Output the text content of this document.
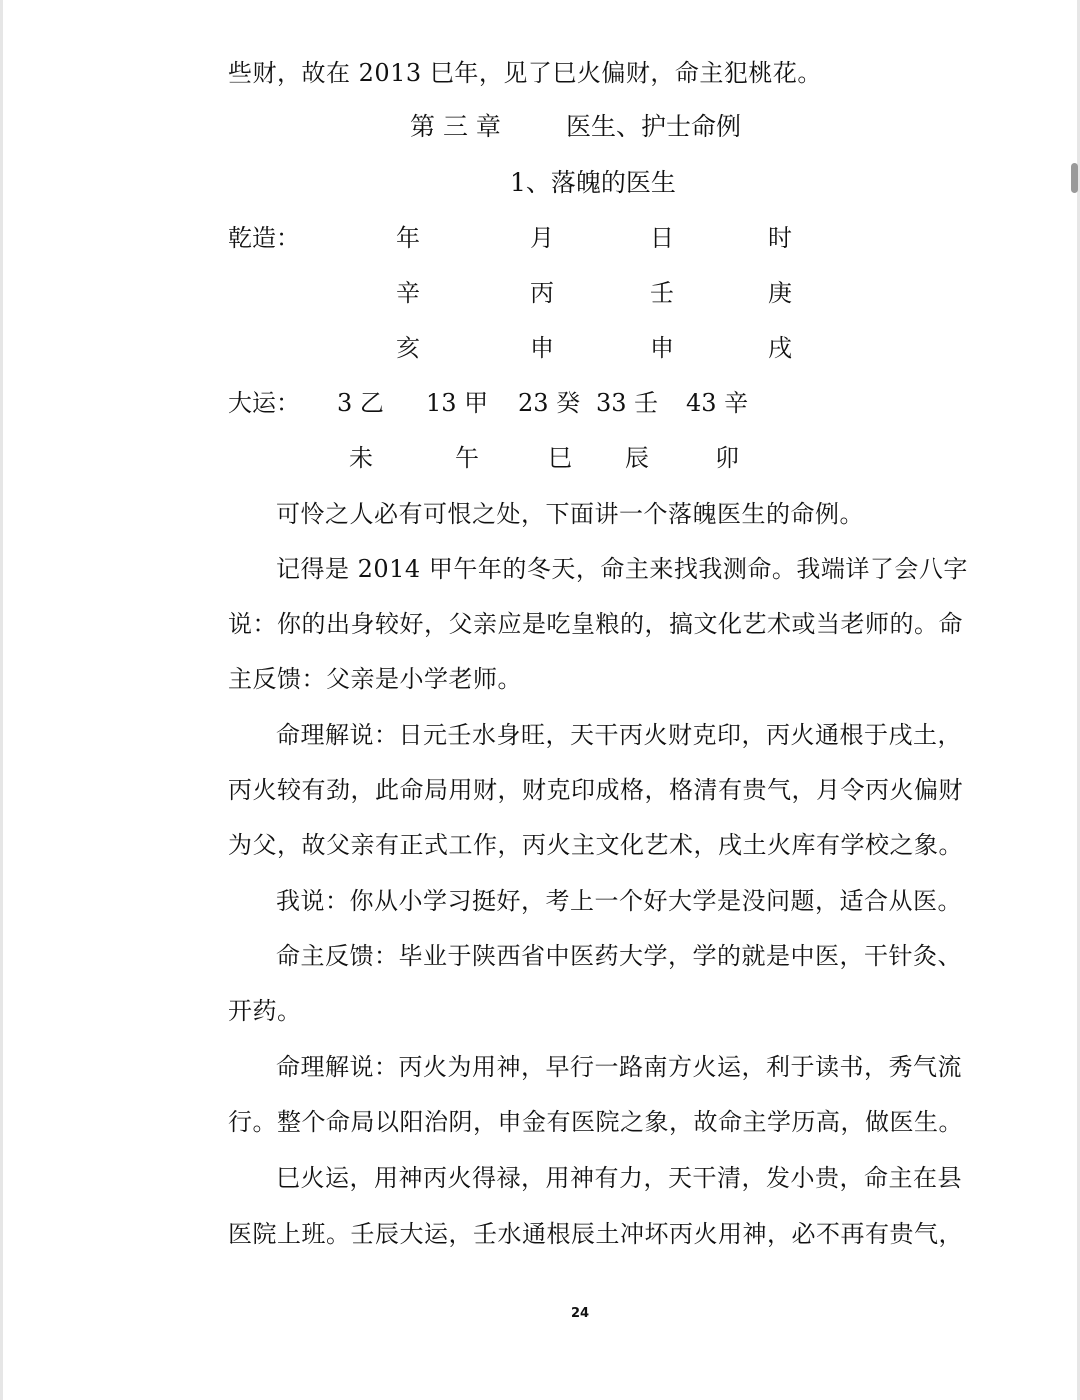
些财，故在 2013 巳年，见了巳火偏财，命主犯桃花。
第 三 章	医生、护士命例
1、落魄的医生
乾造：	年	月	日	时
辛	丙	壬	庚
亥	申	申	戌
大运： 3 乙 13 甲 23 癸 33 壬 43 辛
未	午	巳 辰	卯
可怜之人必有可恨之处，下面讲一个落魄医生的命例。
记得是 2014 甲午年的冬天，命主来找我测命。我端详了会八字
说：你的出身较好，父亲应是吃皇粮的，搞文化艺术或当老师的。命
主反馈：父亲是小学老师。
命理解说：日元壬水身旺，天干丙火财克印，丙火通根于戌土，
丙火较有劲，此命局用财，财克印成格，格清有贵气，月令丙火偏财
为父，故父亲有正式工作，丙火主文化艺术，戌土火库有学校之象。
我说：你从小学习挺好，考上一个好大学是没问题，适合从医。
命主反馈：毕业于陕西省中医药大学，学的就是中医，干针灸、
开药。
命理解说：丙火为用神，早行一路南方火运，利于读书，秀气流
行。整个命局以阳治阴，申金有医院之象，故命主学历高，做医生。
巳火运，用神丙火得禄，用神有力，天干清，发小贵，命主在县
医院上班。壬辰大运，壬水通根辰土冲坏丙火用神，必不再有贵气，
24
